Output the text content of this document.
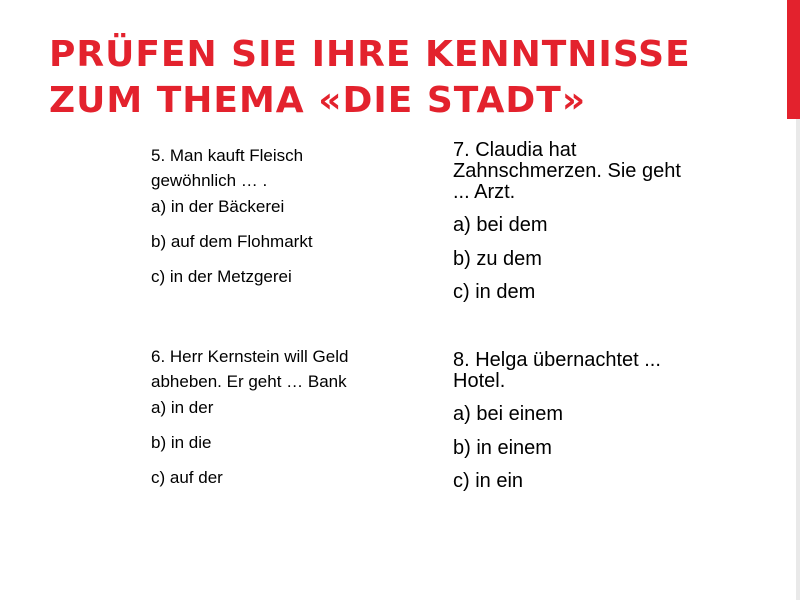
PRÜFEN SIE IHRE KENNTNISSE
ZUM THEMA «DIE STADT»

5. Man kauft Fleisch
gewöhnlich … .

a) in der Bäckerei

b) auf dem Flohmarkt

c) in der Metzgerei

6. Herr Kernstein will Geld
abheben. Er geht … Bank

a) in der

b) in die

c) auf der

7. Claudia hat
Zahnschmerzen. Sie geht
... Arzt.

a) bei dem

b) zu dem

c) in dem

8. Helga übernachtet ...
Hotel.

a) bei einem

b) in einem

c) in ein
